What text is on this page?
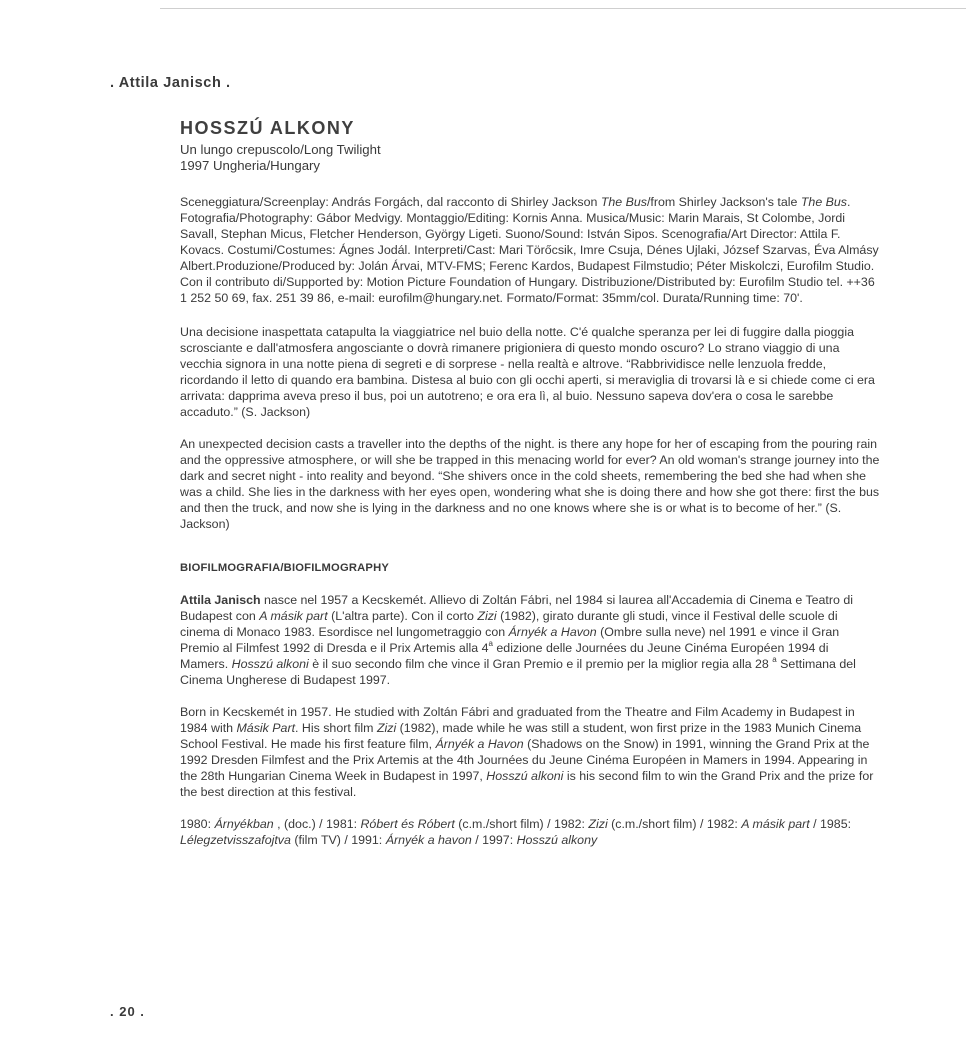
. Attila Janisch .
HOSSZÚ ALKONY

Un lungo crepuscolo/Long Twilight

1997 Ungheria/Hungary

Sceneggiatura/Screenplay: András Forgách, dal racconto di Shirley Jackson The Bus/from Shirley Jackson's tale The Bus. Fotografia/Photography: Gábor Medvigy. Montaggio/Editing: Kornis Anna. Musica/Music: Marin Marais, St Colombe, Jordi Savall, Stephan Micus, Fletcher Henderson, György Ligeti. Suono/Sound: István Sipos. Scenografia/Art Director: Attila F. Kovacs. Costumi/Costumes: Ágnes Jodál. Interpreti/Cast: Mari Törőcsik, Imre Csuja, Dénes Ujlaki, József Szarvas, Éva Almásy Albert.Produzione/Produced by: Jolán Árvai, MTV-FMS; Ferenc Kardos, Budapest Filmstudio; Péter Miskolczi, Eurofilm Studio. Con il contributo di/Supported by: Motion Picture Foundation of Hungary. Distribuzione/Distributed by: Eurofilm Studio tel. ++36 1 252 50 69, fax. 251 39 86, e-mail: eurofilm@hungary.net. Formato/Format: 35mm/col. Durata/Running time: 70'.

Una decisione inaspettata catapulta la viaggiatrice nel buio della notte. C'é qualche speranza per lei di fuggire dalla pioggia scrosciante e dall'atmosfera angosciante o dovrà rimanere prigioniera di questo mondo oscuro? Lo strano viaggio di una vecchia signora in una notte piena di segreti e di sorprese - nella realtà e altrove. “Rabbrividisce nelle lenzuola fredde, ricordando il letto di quando era bambina. Distesa al buio con gli occhi aperti, si meraviglia di trovarsi là e si chiede come ci era arrivata: dapprima aveva preso il bus, poi un autotreno; e ora era lì, al buio. Nessuno sapeva dov'era o cosa le sarebbe accaduto.” (S. Jackson)

An unexpected decision casts a traveller into the depths of the night. is there any hope for her of escaping from the pouring rain and the oppressive atmosphere, or will she be trapped in this menacing world for ever? An old woman's strange journey into the dark and secret night - into reality and beyond. “She shivers once in the cold sheets, remembering the bed she had when she was a child. She lies in the darkness with her eyes open, wondering what she is doing there and how she got there: first the bus and then the truck, and now she is lying in the darkness and no one knows where she is or what is to become of her.” (S. Jackson)

BIOFILMOGRAFIA/BIOFILMOGRAPHY

Attila Janisch nasce nel 1957 a Kecskemét. Allievo di Zoltán Fábri, nel 1984 si laurea all'Accademia di Cinema e Teatro di Budapest con A másik part (L'altra parte). Con il corto Zizi (1982), girato durante gli studi, vince il Festival delle scuole di cinema di Monaco 1983. Esordisce nel lungometraggio con Árnyék a Havon (Ombre sulla neve) nel 1991 e vince il Gran Premio al Filmfest 1992 di Dresda e il Prix Artemis alla 4$^a$ edizione delle Journées du Jeune Cinéma Européen 1994 di Mamers. Hosszú alkoni è il suo secondo film che vince il Gran Premio e il premio per la miglior regia alla 28 $^a$ Settimana del Cinema Ungherese di Budapest 1997.

Born in Kecskemét in 1957. He studied with Zoltán Fábri and graduated from the Theatre and Film Academy in Budapest in 1984 with Másik Part. His short film Zizi (1982), made while he was still a student, won first prize in the 1983 Munich Cinema School Festival. He made his first feature film, Árnyék a Havon (Shadows on the Snow) in 1991, winning the Grand Prix at the 1992 Dresden Filmfest and the Prix Artemis at the 4th Journées du Jeune Cinéma Européen in Mamers in 1994. Appearing in the 28th Hungarian Cinema Week in Budapest in 1997, Hosszú alkoni is his second film to win the Grand Prix and the prize for the best direction at this festival.

1980: Árnyékban , (doc.) / 1981: Róbert és Róbert (c.m./short film) / 1982: Zizi (c.m./short film) / 1982: A másik part / 1985: Lélegzetvisszafojtva (film TV) / 1991: Árnyék a havon / 1997: Hosszú alkony

. 20 .
